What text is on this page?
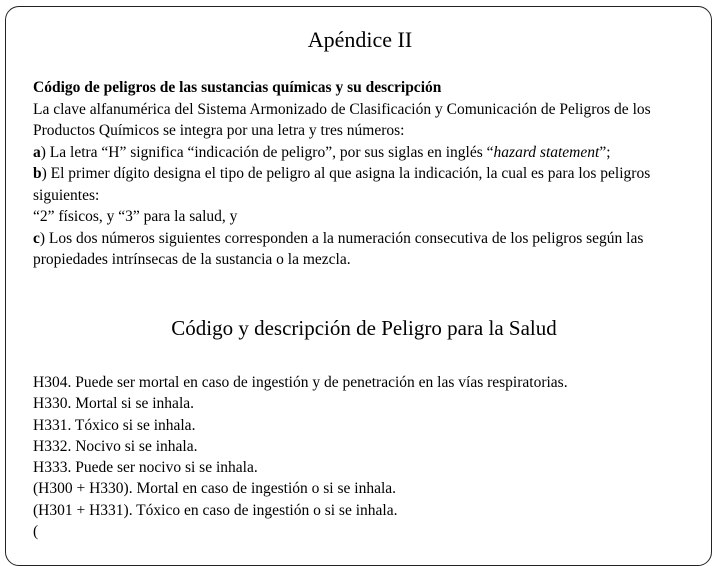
Apéndice II

Código de peligros de las sustancias químicas y su descripción

La clave alfanumérica del Sistema Armonizado de Clasificación y Comunicación de Peligros de los Productos Químicos se integra por una letra y tres números:

a) La letra “H” significa “indicación de peligro”, por sus siglas en inglés “hazard statement”;

b) El primer dígito designa el tipo de peligro al que asigna la indicación, la cual es para los peligros siguientes:

“2” físicos, y “3” para la salud, y

c) Los dos números siguientes corresponden a la numeración consecutiva de los peligros según las propiedades intrínsecas de la sustancia o la mezcla.

Código y descripción de Peligro para la Salud
H304. Puede ser mortal en caso de ingestión y de penetración en las vías respiratorias.
H330. Mortal si se inhala.
H331. Tóxico si se inhala.
H332. Nocivo si se inhala.
H333. Puede ser nocivo si se inhala.
(H300 + H330). Mortal en caso de ingestión o si se inhala.
(H301 + H331). Tóxico en caso de ingestión o si se inhala.
(
